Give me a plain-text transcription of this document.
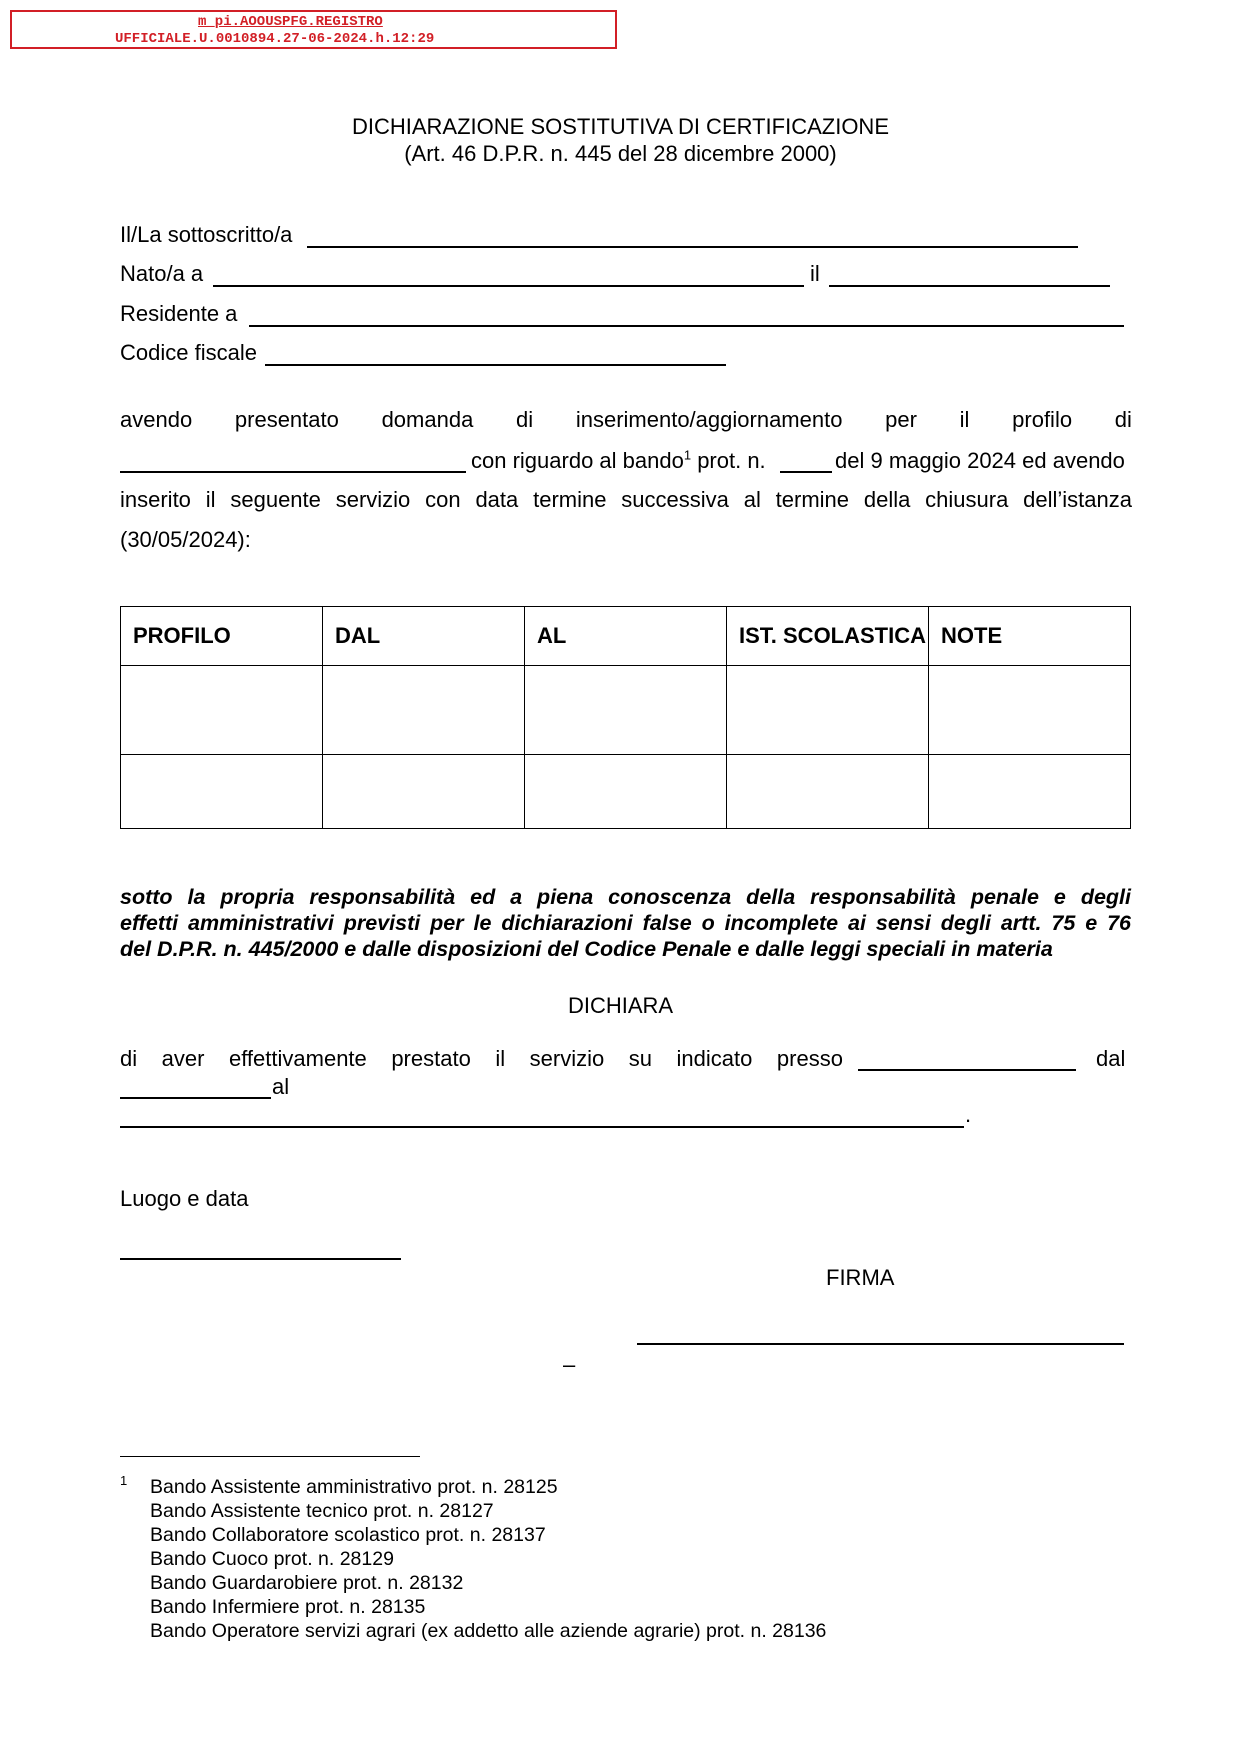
m_pi.AOOUSPFG.REGISTRO
UFFICIALE.U.0010894.27-06-2024.h.12:29
DICHIARAZIONE SOSTITUTIVA DI CERTIFICAZIONE
(Art. 46 D.P.R. n. 445 del 28 dicembre 2000)
Il/La sottoscritto/a
Nato/a a	il
Residente a
Codice fiscale
avendo presentato domanda di inserimento/aggiornamento per il profilo di
con riguardo al bando$^1$ prot. n.	del 9 maggio 2024 ed avendo
inserito il seguente servizio con data termine successiva al termine della chiusura dell’istanza
(30/05/2024):
PROFILO	DAL	AL	IST. SCOLASTICA	NOTE

sotto la propria responsabilità ed a piena conoscenza della responsabilità penale e degli
effetti amministrativi previsti per le dichiarazioni false o incomplete ai sensi degli artt. 75 e 76
del D.P.R. n. 445/2000 e dalle disposizioni del Codice Penale e dalle leggi speciali in materia
DICHIARA
di aver effettivamente prestato il servizio su indicato presso	dal
al
.
Luogo e data
FIRMA
–
1 Bando Assistente amministrativo prot. n. 28125
Bando Assistente tecnico prot. n. 28127
Bando Collaboratore scolastico prot. n. 28137
Bando Cuoco prot. n. 28129
Bando Guardarobiere prot. n. 28132
Bando Infermiere prot. n. 28135
Bando Operatore servizi agrari (ex addetto alle aziende agrarie) prot. n. 28136
